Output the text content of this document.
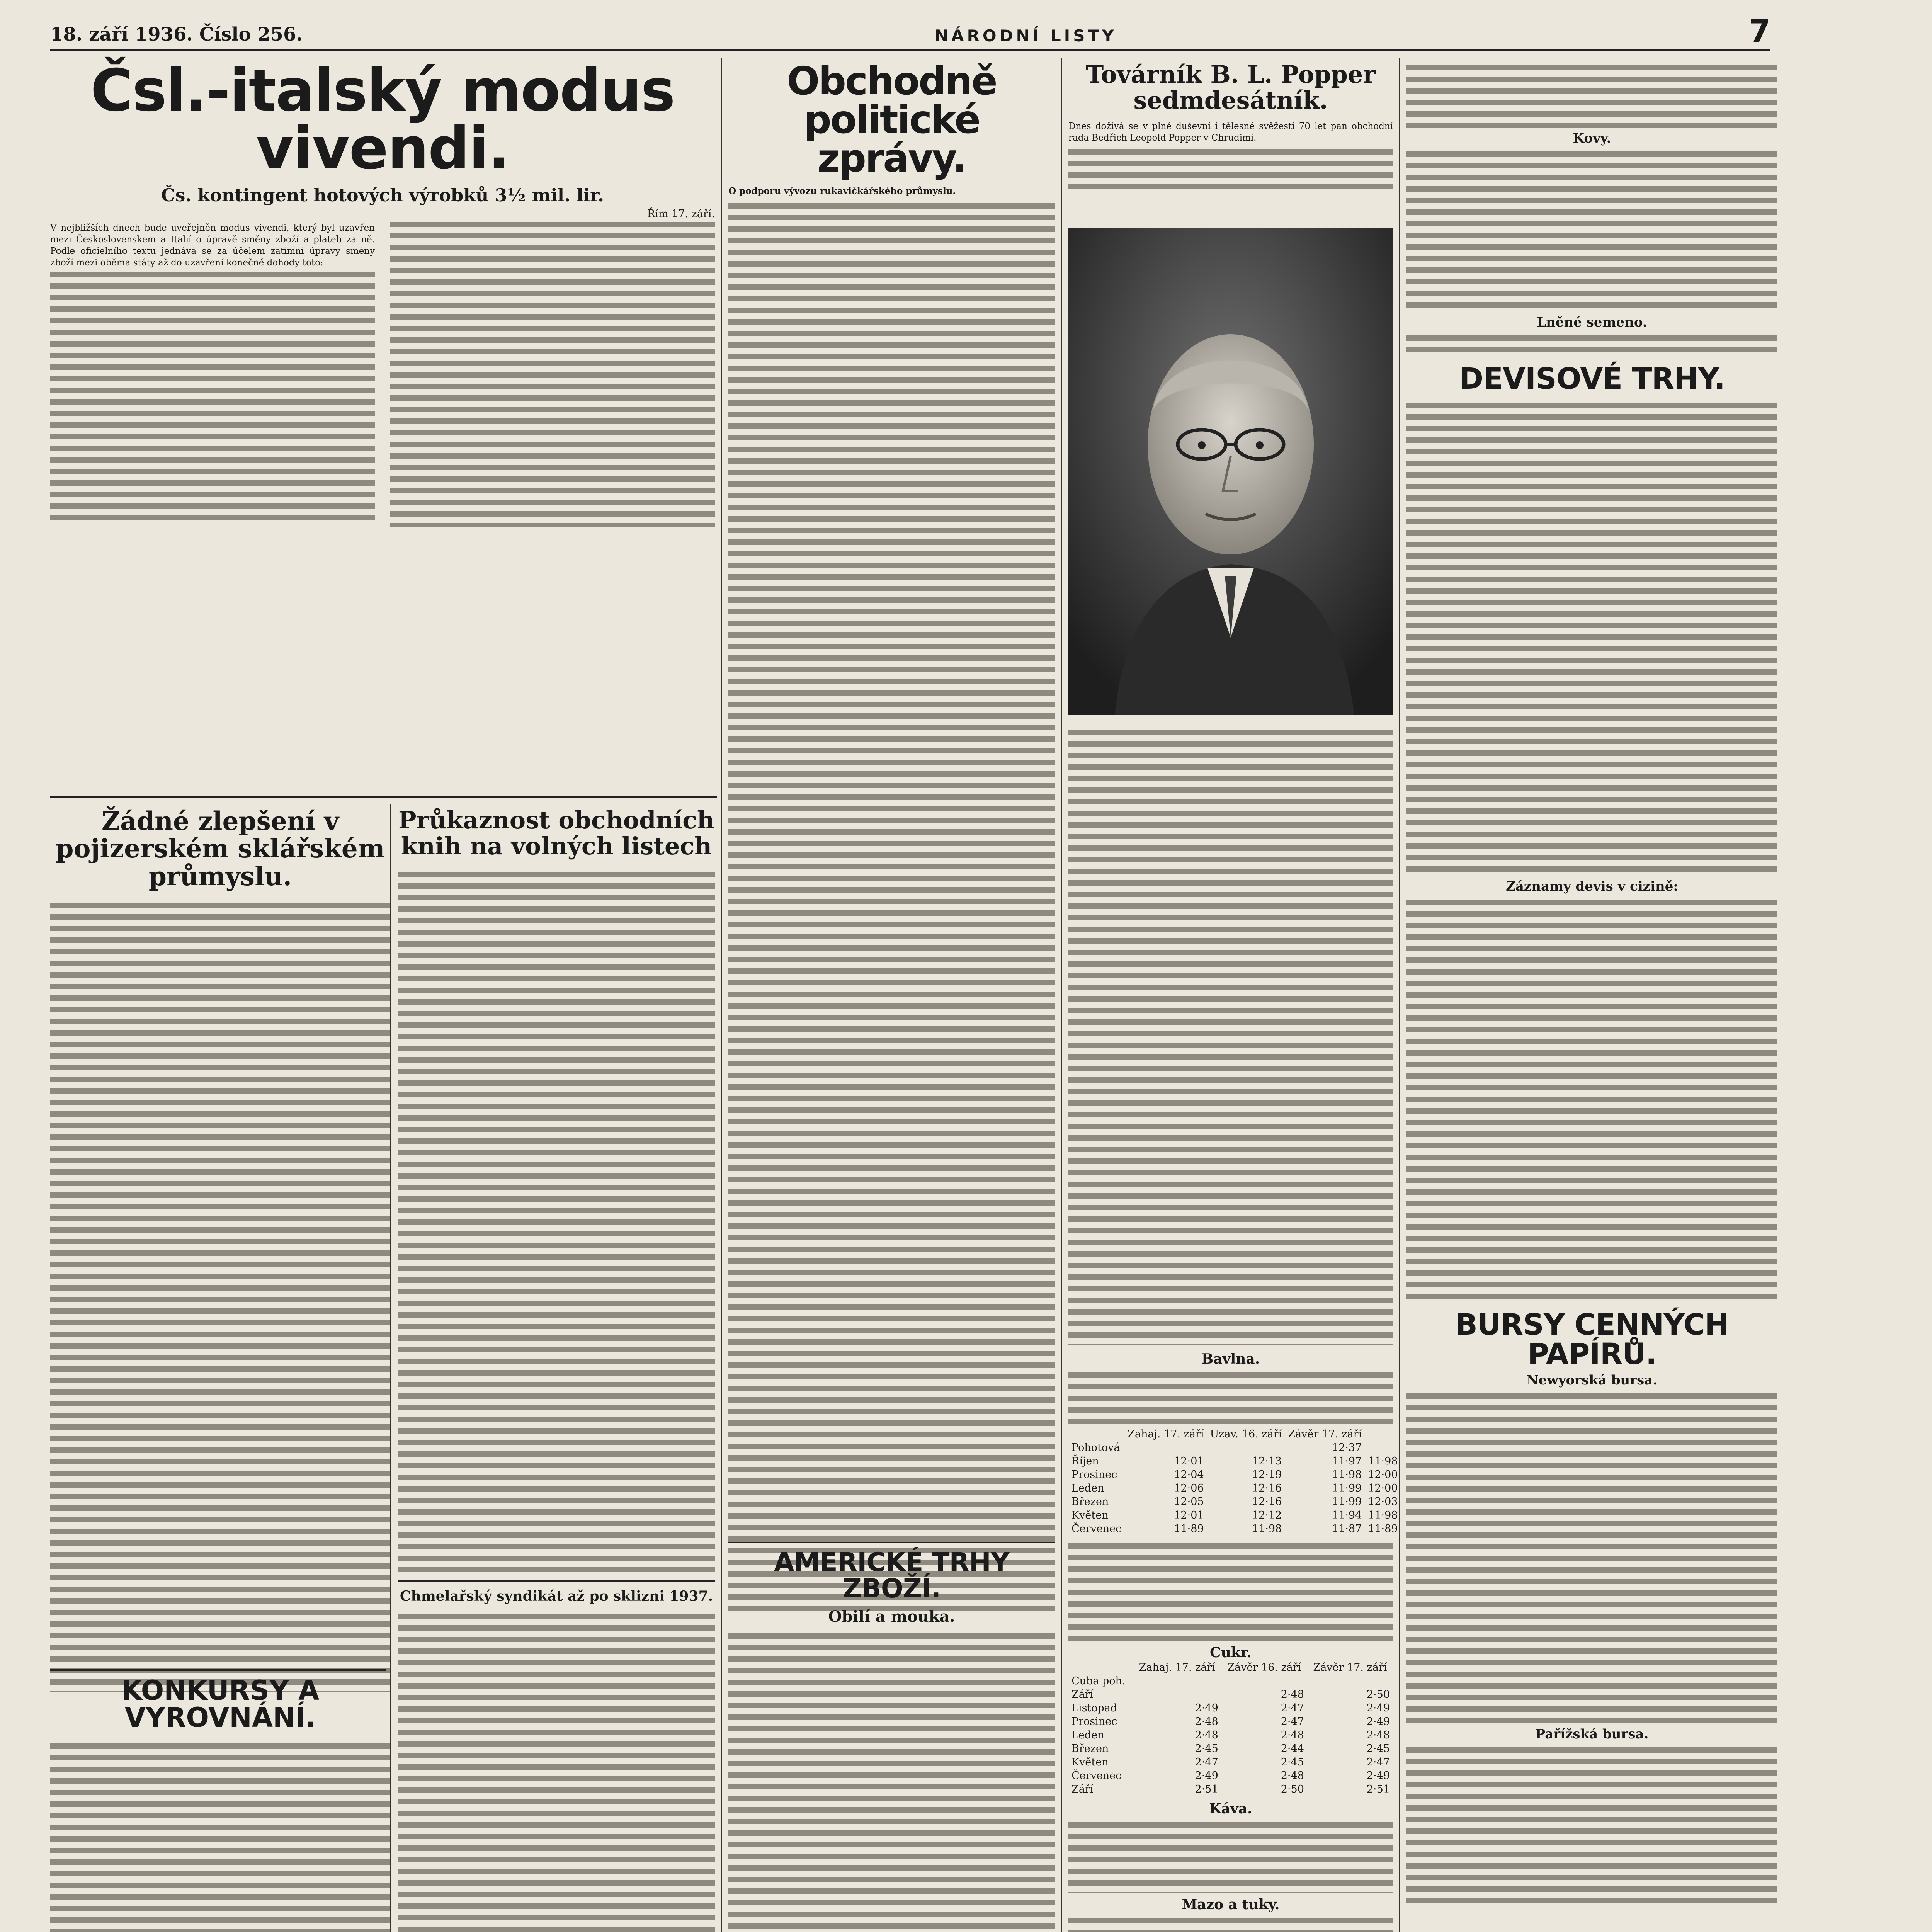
18. září 1936. Číslo 256.	NÁRODNÍ LISTY	7
Čsl.-italský modus vivendi.
Čs. kontingent hotových výrobků 3½ mil. lir.

Řím 17. září.

V nejbližších dnech bude uveřejněn modus vivendi, který byl uzavřen mezi Československem a Italií o úpravě směny zboží a plateb za ně. Podle oficielního textu jednává se za účelem zatímní úpravy směny zboží mezi oběma státy až do uzavření konečné dohody toto:

Žádné zlepšení v pojizerském sklářském průmyslu.
KONKURSY A VYROVNÁNÍ.
Průkaznost obchodních knih na volných listech
Chmelařský syndikát až po sklizni 1937.
Obchodně politické zprávy.

O podporu vývozu rukavičkářského průmyslu.

AMERICKÉ TRHY ZBOŽÍ.
Obilí a mouka.
Továrník B. L. Popper sedmdesátník.

Dnes dožívá se v plné duševní i tělesné svěžesti 70 let pan obchodní rada Bedřich Leopold Popper v Chrudimi.

Bavlna.
	Zahaj. 17. září	Uzav. 16. září	Závěr 17. září	
Pohotová			12·37	
Říjen	12·01	12·13	11·97	11·98
Prosinec	12·04	12·19	11·98	12·00
Leden	12·06	12·16	11·99	12·00
Březen	12·05	12·16	11·99	12·03
Květen	12·01	12·12	11·94	11·98
Červenec	11·89	11·98	11·87	11·89
Cukr.
	Zahaj. 17. září	Závěr 16. září	Závěr 17. září
Cuba poh.			
Září		2·48	2·50
Listopad	2·49	2·47	2·49
Prosinec	2·48	2·47	2·49
Leden	2·48	2·48	2·48
Březen	2·45	2·44	2·45
Květen	2·47	2·45	2·47
Červenec	2·49	2·48	2·49
Září	2·51	2·50	2·51
Káva.
Mazo a tuky.
Kovy.
Lněné semeno.
DEVISOVÉ TRHY.
Záznamy devis v cizině:
BURSY CENNÝCH PAPÍRŮ.
Newyorská bursa.
Pařížská bursa.
